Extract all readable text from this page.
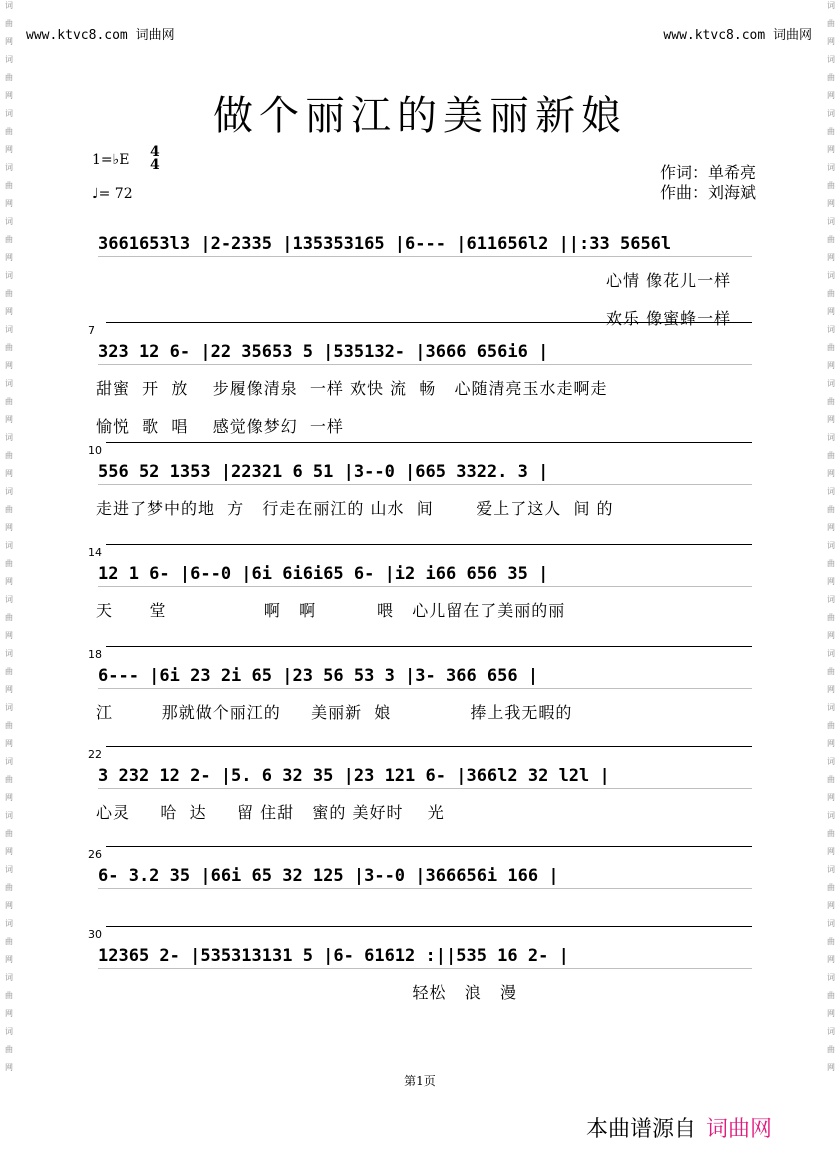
词
曲
网
词
曲
网
词
曲
网
词
曲
网
词
曲
网
词
曲
网
词
曲
网
词
曲
网
词
曲
网
词
曲
网
词
曲
网
词
曲
网
词
曲
网
词
曲
网
词
曲
网
词
曲
网
词
曲
网
词
曲
网
词
曲
网
词
曲
网
词
曲
网
词
曲
网
词
曲
网
词
曲
网
词
曲
网
词
曲
网
词
曲
网
词
曲
网
词
曲
网
词
曲
网
词
曲
网
词
曲
网
词
曲
网
词
曲
网
词
曲
网
词
曲
网
词
曲
网
词
曲
网
词
曲
网
词
曲
网
www.ktvc8.com 词曲网	www.ktvc8.com 词曲网
做个丽江的美丽新娘
1=♭E 4
4
♩= 72
作词：单希亮
作曲：刘海斌
3661653l3 |2-2335 |135353165 |6--- |611656l2 ||:33 5656l
心情 像花儿一样
欢乐 像蜜蜂一样
7
323 12 6- |22 35653 5 |535132- |3666 656i6 |
甜蜜  开  放    步履像清泉  一样 欢快 流  畅   心随清亮玉水走啊走
愉悦  歌  唱    感觉像梦幻  一样
10
556 52 1353 |22321 6 51 |3--0 |665 3322. 3 |
走进了梦中的地  方   行走在丽江的 山水  间       爱上了这人  间 的
14
12 1 6- |6--0 |6i 6i6i65 6- |i2 i66 656 35 |
天      堂                啊   啊          喂   心儿留在了美丽的丽
18
6--- |6i 23 2i 65 |23 56 53 3 |3- 366 656 |
江        那就做个丽江的     美丽新  娘             捧上我无暇的
22
3 232 12 2- |5. 6 32 35 |23 121 6- |366l2 32 l2l |
心灵     哈  达     留 住甜   蜜的 美好时    光
26
6- 3.2 35 |66i 65 32 125 |3--0 |366656i 166 |
30
12365 2- |535313131 5 |6- 61612 :||535 16 2- |
轻松   浪   漫
第1页
本曲谱源自 词曲网
